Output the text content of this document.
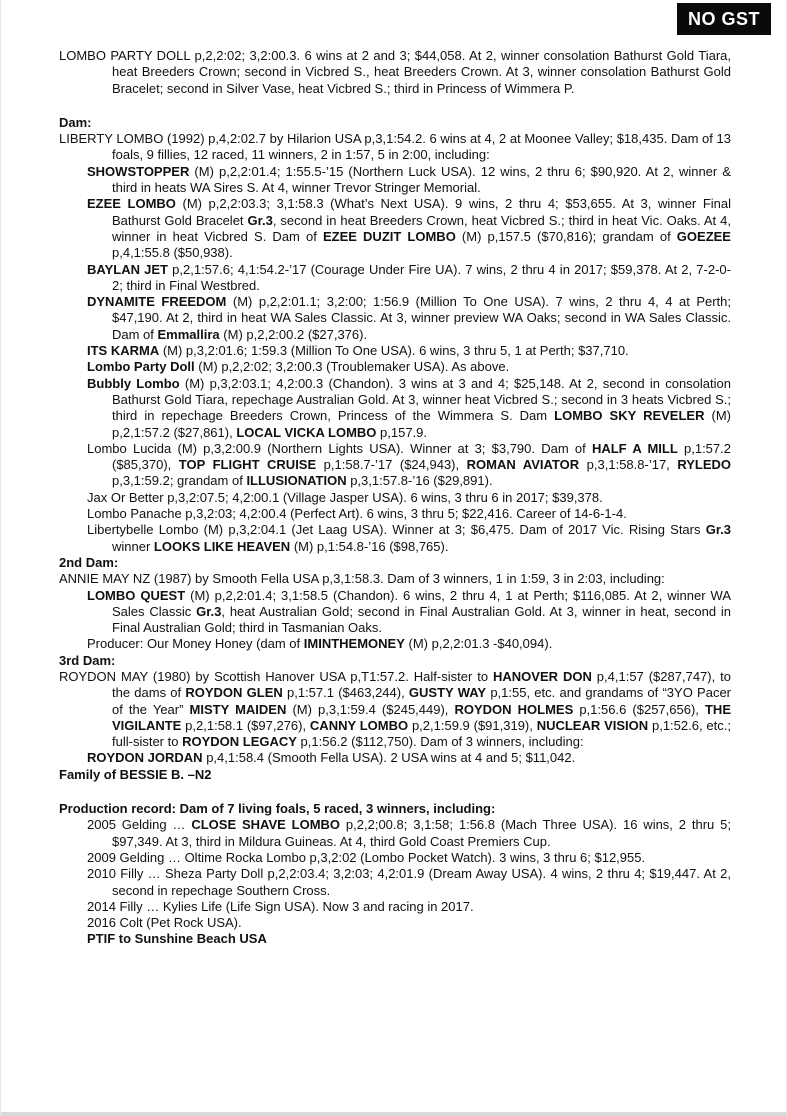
NO GST

LOMBO PARTY DOLL p,2,2:02; 3,2:00.3. 6 wins at 2 and 3; $44,058. At 2, winner consolation Bathurst Gold Tiara, heat Breeders Crown; second in Vicbred S., heat Breeders Crown. At 3, winner consolation Bathurst Gold Bracelet; second in Silver Vase, heat Vicbred S.; third in Princess of Wimmera P.

Dam:

LIBERTY LOMBO (1992) p,4,2:02.7 by Hilarion USA p,3,1:54.2. 6 wins at 4, 2 at Moonee Valley; $18,435. Dam of 13 foals, 9 fillies, 12 raced, 11 winners, 2 in 1:57, 5 in 2:00, including:

SHOWSTOPPER (M) p,2,2:01.4; 1:55.5-’15 (Northern Luck USA). 12 wins, 2 thru 6; $90,920. At 2, winner & third in heats WA Sires S. At 4, winner Trevor Stringer Memorial.

EZEE LOMBO (M) p,2,2:03.3; 3,1:58.3 (What’s Next USA). 9 wins, 2 thru 4; $53,655. At 3, winner Final Bathurst Gold Bracelet Gr.3, second in heat Breeders Crown, heat Vicbred S.; third in heat Vic. Oaks. At 4, winner in heat Vicbred S. Dam of EZEE DUZIT LOMBO (M) p,157.5 ($70,816); grandam of GOEZEE p,4,1:55.8 ($50,938).

BAYLAN JET p,2,1:57.6; 4,1:54.2-’17 (Courage Under Fire UA). 7 wins, 2 thru 4 in 2017; $59,378. At 2, 7-2-0-2; third in Final Westbred.

DYNAMITE FREEDOM (M) p,2,2:01.1; 3,2:00; 1:56.9 (Million To One USA). 7 wins, 2 thru 4, 4 at Perth; $47,190. At 2, third in heat WA Sales Classic. At 3, winner preview WA Oaks; second in WA Sales Classic. Dam of Emmallira (M) p,2,2:00.2 ($27,376).

ITS KARMA (M) p,3,2:01.6; 1:59.3 (Million To One USA). 6 wins, 3 thru 5, 1 at Perth; $37,710.

Lombo Party Doll (M) p,2,2:02; 3,2:00.3 (Troublemaker USA). As above.

Bubbly Lombo (M) p,3,2:03.1; 4,2:00.3 (Chandon). 3 wins at 3 and 4; $25,148. At 2, second in consolation Bathurst Gold Tiara, repechage Australian Gold. At 3, winner heat Vicbred S.; second in 3 heats Vicbred S.; third in repechage Breeders Crown, Princess of the Wimmera S. Dam LOMBO SKY REVELER (M) p,2,1:57.2 ($27,861), LOCAL VICKA LOMBO p,157.9.

Lombo Lucida (M) p,3,2:00.9 (Northern Lights USA). Winner at 3; $3,790. Dam of HALF A MILL p,1:57.2 ($85,370), TOP FLIGHT CRUISE p,1:58.7-’17 ($24,943), ROMAN AVIATOR p,3,1:58.8-’17, RYLEDO p,3,1:59.2; grandam of ILLUSIONATION p,3,1:57.8-’16 ($29,891).

Jax Or Better p,3,2:07.5; 4,2:00.1 (Village Jasper USA). 6 wins, 3 thru 6 in 2017; $39,378.

Lombo Panache p,3,2:03; 4,2:00.4 (Perfect Art). 6 wins, 3 thru 5; $22,416. Career of 14-6-1-4.

Libertybelle Lombo (M) p,3,2:04.1 (Jet Laag USA). Winner at 3; $6,475. Dam of 2017 Vic. Rising Stars Gr.3 winner LOOKS LIKE HEAVEN (M) p,1:54.8-’16 ($98,765).

2nd Dam:

ANNIE MAY NZ (1987) by Smooth Fella USA p,3,1:58.3. Dam of 3 winners, 1 in 1:59, 3 in 2:03, including:

LOMBO QUEST (M) p,2,2:01.4; 3,1:58.5 (Chandon). 6 wins, 2 thru 4, 1 at Perth; $116,085. At 2, winner WA Sales Classic Gr.3, heat Australian Gold; second in Final Australian Gold. At 3, winner in heat, second in Final Australian Gold; third in Tasmanian Oaks.

Producer: Our Money Honey (dam of IMINTHEMONEY (M) p,2,2:01.3 -$40,094).

3rd Dam:

ROYDON MAY (1980) by Scottish Hanover USA p,T1:57.2. Half-sister to HANOVER DON p,4,1:57 ($287,747), to the dams of ROYDON GLEN p,1:57.1 ($463,244), GUSTY WAY p,1:55, etc. and grandams of “3YO Pacer of the Year” MISTY MAIDEN (M) p,3,1:59.4 ($245,449), ROYDON HOLMES p,1:56.6 ($257,656), THE VIGILANTE p,2,1:58.1 ($97,276), CANNY LOMBO p,2,1:59.9 ($91,319), NUCLEAR VISION p,1:52.6, etc.; full-sister to ROYDON LEGACY p,1:56.2 ($112,750). Dam of 3 winners, including:

ROYDON JORDAN p,4,1:58.4 (Smooth Fella USA). 2 USA wins at 4 and 5; $11,042.

Family of BESSIE B. –N2

Production record: Dam of 7 living foals, 5 raced, 3 winners, including:

2005 Gelding … CLOSE SHAVE LOMBO p,2,2;00.8; 3,1:58; 1:56.8 (Mach Three USA). 16 wins, 2 thru 5; $97,349. At 3, third in Mildura Guineas. At 4, third Gold Coast Premiers Cup.

2009 Gelding … Oltime Rocka Lombo p,3,2:02 (Lombo Pocket Watch). 3 wins, 3 thru 6; $12,955.

2010 Filly … Sheza Party Doll p,2,2:03.4; 3,2:03; 4,2:01.9 (Dream Away USA). 4 wins, 2 thru 4; $19,447. At 2, second in repechage Southern Cross.

2014 Filly … Kylies Life (Life Sign USA). Now 3 and racing in 2017.

2016 Colt (Pet Rock USA).

PTIF to Sunshine Beach USA
